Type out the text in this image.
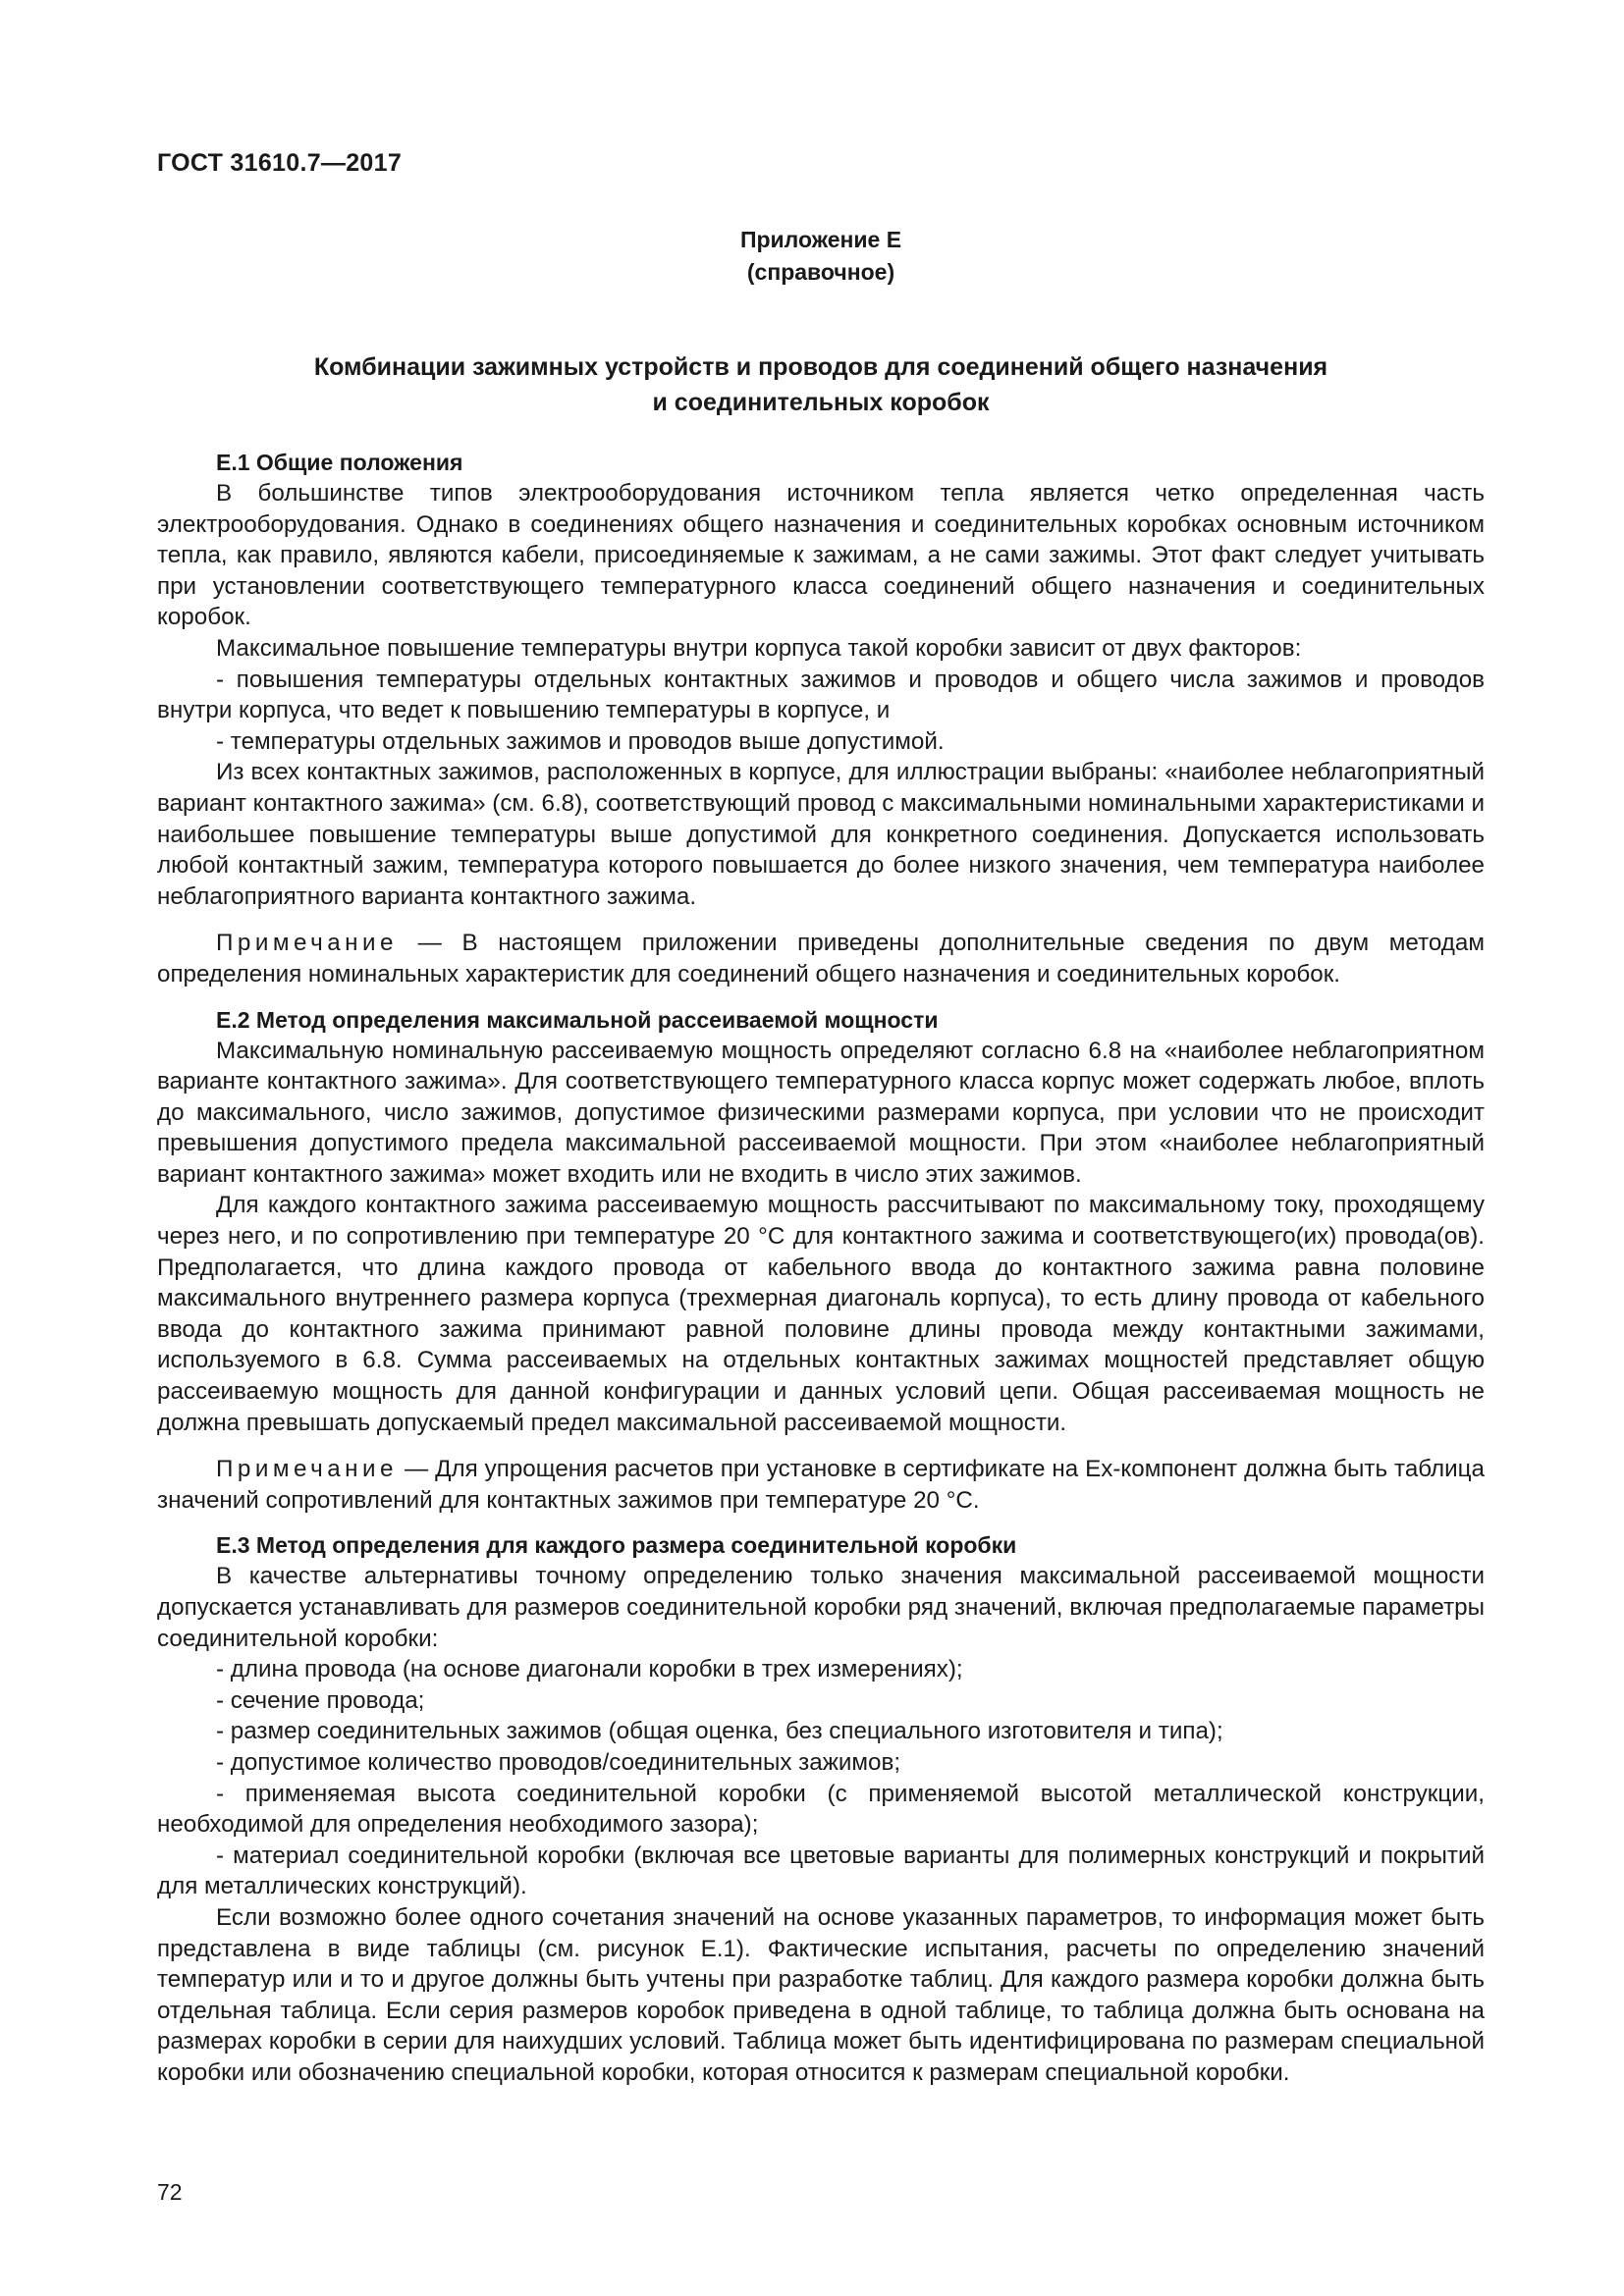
ГОСТ 31610.7—2017
Приложение Е
(справочное)
Комбинации зажимных устройств и проводов для соединений общего назначения
и соединительных коробок
Е.1 Общие положения

В большинстве типов электрооборудования источником тепла является четко определенная часть электрооборудования. Однако в соединениях общего назначения и соединительных коробках основным источником тепла, как правило, являются кабели, присоединяемые к зажимам, а не сами зажимы. Этот факт следует учитывать при установлении соответствующего температурного класса соединений общего назначения и соединительных коробок.

Максимальное повышение температуры внутри корпуса такой коробки зависит от двух факторов:

- повышения температуры отдельных контактных зажимов и проводов и общего числа зажимов и проводов внутри корпуса, что ведет к повышению температуры в корпусе, и

- температуры отдельных зажимов и проводов выше допустимой.

Из всех контактных зажимов, расположенных в корпусе, для иллюстрации выбраны: «наиболее неблагоприятный вариант контактного зажима» (см. 6.8), соответствующий провод с максимальными номинальными характеристиками и наибольшее повышение температуры выше допустимой для конкретного соединения. Допускается использовать любой контактный зажим, температура которого повышается до более низкого значения, чем температура наиболее неблагоприятного варианта контактного зажима.

Примечание — В настоящем приложении приведены дополнительные сведения по двум методам определения номинальных характеристик для соединений общего назначения и соединительных коробок.

Е.2 Метод определения максимальной рассеиваемой мощности

Максимальную номинальную рассеиваемую мощность определяют согласно 6.8 на «наиболее неблагоприятном варианте контактного зажима». Для соответствующего температурного класса корпус может содержать любое, вплоть до максимального, число зажимов, допустимое физическими размерами корпуса, при условии что не происходит превышения допустимого предела максимальной рассеиваемой мощности. При этом «наиболее неблагоприятный вариант контактного зажима» может входить или не входить в число этих зажимов.

Для каждого контактного зажима рассеиваемую мощность рассчитывают по максимальному току, проходящему через него, и по сопротивлению при температуре 20 °С для контактного зажима и соответствующего(их) провода(ов). Предполагается, что длина каждого провода от кабельного ввода до контактного зажима равна половине максимального внутреннего размера корпуса (трехмерная диагональ корпуса), то есть длину провода от кабельного ввода до контактного зажима принимают равной половине длины провода между контактными зажимами, используемого в 6.8. Сумма рассеиваемых на отдельных контактных зажимах мощностей представляет общую рассеиваемую мощность для данной конфигурации и данных условий цепи. Общая рассеиваемая мощность не должна превышать допускаемый предел максимальной рассеиваемой мощности.

Примечание — Для упрощения расчетов при установке в сертификате на Ех-компонент должна быть таблица значений сопротивлений для контактных зажимов при температуре 20 °С.

Е.3 Метод определения для каждого размера соединительной коробки

В качестве альтернативы точному определению только значения максимальной рассеиваемой мощности допускается устанавливать для размеров соединительной коробки ряд значений, включая предполагаемые параметры соединительной коробки:

- длина провода (на основе диагонали коробки в трех измерениях);

- сечение провода;

- размер соединительных зажимов (общая оценка, без специального изготовителя и типа);

- допустимое количество проводов/соединительных зажимов;

- применяемая высота соединительной коробки (с применяемой высотой металлической конструкции, необходимой для определения необходимого зазора);

- материал соединительной коробки (включая все цветовые варианты для полимерных конструкций и покрытий для металлических конструкций).

Если возможно более одного сочетания значений на основе указанных параметров, то информация может быть представлена в виде таблицы (см. рисунок Е.1). Фактические испытания, расчеты по определению значений температур или и то и другое должны быть учтены при разработке таблиц. Для каждого размера коробки должна быть отдельная таблица. Если серия размеров коробок приведена в одной таблице, то таблица должна быть основана на размерах коробки в серии для наихудших условий. Таблица может быть идентифицирована по размерам специальной коробки или обозначению специальной коробки, которая относится к размерам специальной коробки.

72
